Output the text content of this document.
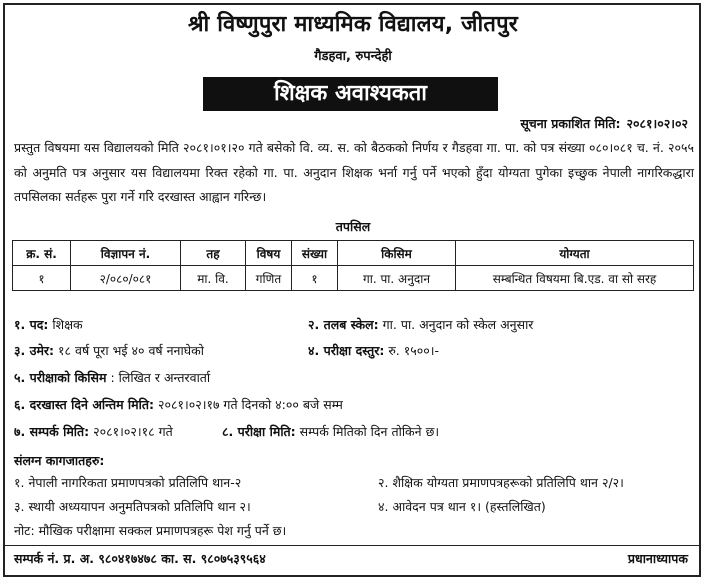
श्री विष्णुपुरा माध्यमिक विद्यालय, जीतपुर
गैडहवा, रुपन्देही
शिक्षक अवाश्यकता
सूचना प्रकाशित मिति: २०८१।०२।०२
प्रस्तुत विषयमा यस विद्यालयको मिति २०८१।०१।२० गते बसेको वि. व्य. स. को बैठकको निर्णय र गैडहवा गा. पा. को पत्र संख्या ०८०।०८१ च. नं. २०५५ को अनुमति पत्र अनुसार यस विद्यालयमा रिक्त रहेको गा. पा. अनुदान शिक्षक भर्ना गर्नु पर्ने भएको हुँदा योग्यता पुगेका इच्छुक नेपाली नागरिकद्धारा तपसिलका सर्तहरू पुरा गर्ने गरि दरखास्त आह्वान गरिन्छ।
तपसिल
क्र. सं.	विज्ञापन नं.	तह	विषय	संख्या	किसिम	योग्यता
१	२/०८०/०८१	मा. वि.	गणित	१	गा. पा. अनुदान	सम्बन्धित विषयमा बि.एड. वा सो सरह
१. पद: शिक्षक	२. तलब स्केल: गा. पा. अनुदान को स्केल अनुसार
३. उमेर: १८ वर्ष पूरा भई ४० वर्ष ननाघेको	४. परीक्षा दस्तुर: रु. १५००।-
५. परीक्षाको किसिम : लिखित र अन्तरवार्ता
६. दरखास्त दिने अन्तिम मिति: २०८१।०२।१७ गते दिनको ४:०० बजे सम्म
७. सम्पर्क मिति: २०८१।०२।१८ गते	८. परीक्षा मिति: सम्पर्क मितिको दिन तोकिने छ।
संलग्न कागजातहरु:
१. नेपाली नागरिकता प्रमाणपत्रको प्रतिलिपि थान-२	२. शैक्षिक योग्यता प्रमाणपत्रहरूको प्रतिलिपि थान २/२।
३. स्थायी अध्ययापन अनुमतिपत्रको प्रतिलिपि थान २।	४. आवेदन पत्र थान १। (हस्तलिखित)
नोट: मौखिक परीक्षामा सक्कल प्रमाणपत्रहरू पेश गर्नु पर्ने छ।
सम्पर्क नं. प्र. अ. ९८०४१७४७८ का. स. ९८०७५३९५६४	प्रधानाध्यापक
